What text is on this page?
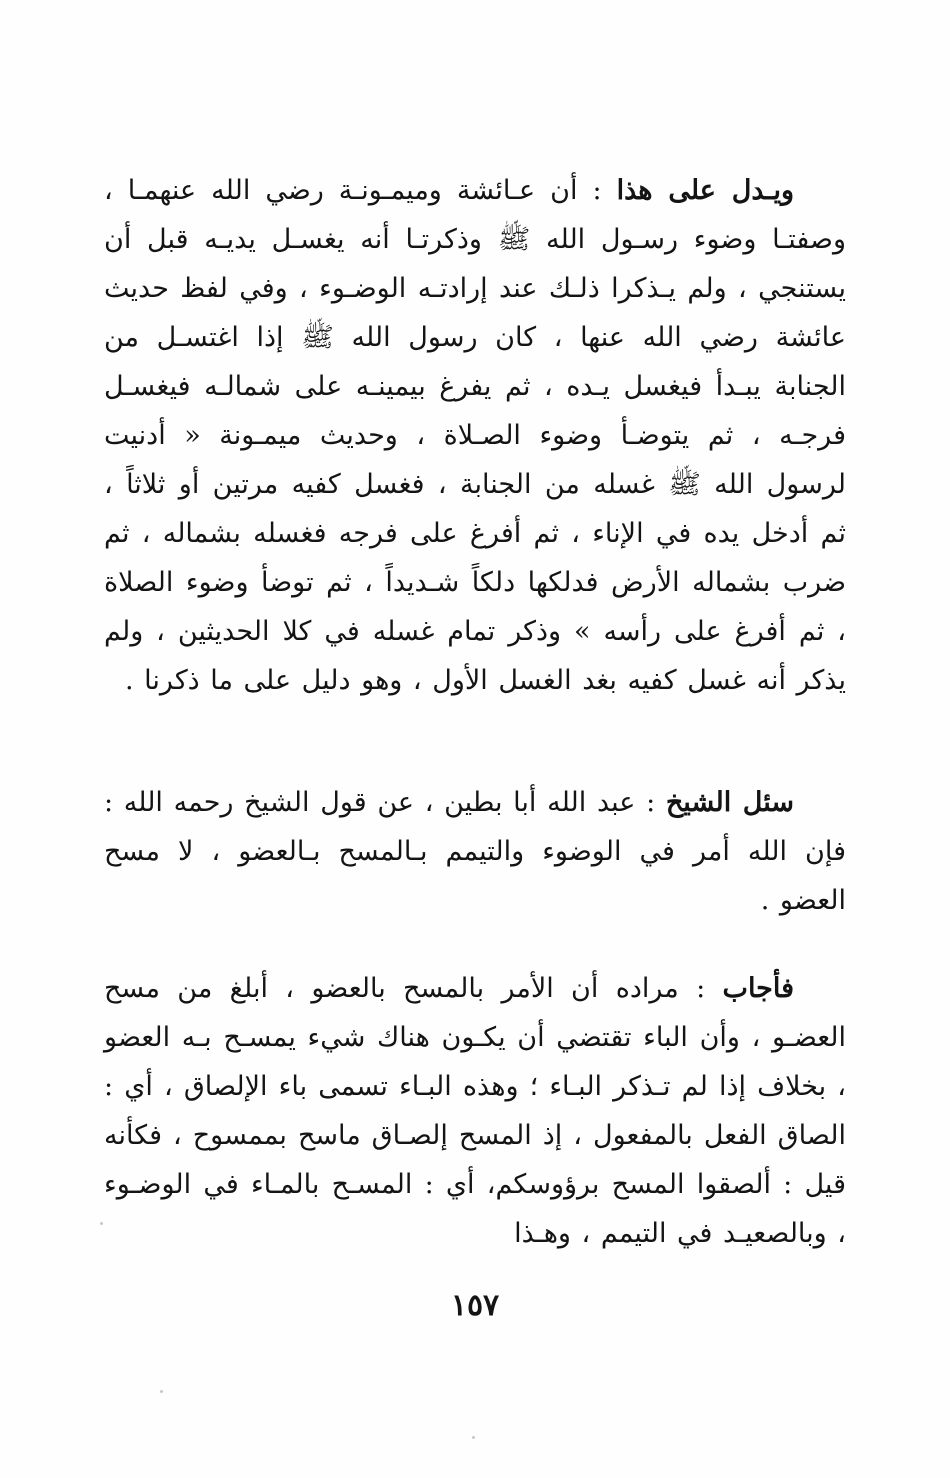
ويـدل على هذا : أن عـائشة وميمـونـة رضي الله عنهمـا ، وصفتـا وضوء رسـول الله ﷺ وذكرتـا أنه يغسـل يديـه قبل أن يستنجي ، ولم يـذكرا ذلـك عند إرادتـه الوضـوء ، وفي لفظ حديث عائشة رضي الله عنها ، كان رسول الله ﷺ إذا اغتسـل من الجنابة يبـدأ فيغسل يـده ، ثم يفرغ بيمينـه على شمالـه فيغسـل فرجـه ، ثم يتوضـأ وضوء الصـلاة ، وحديث ميمـونة « أدنيت لرسول الله ﷺ غسله من الجنابة ، فغسل كفيه مرتين أو ثلاثاً ، ثم أدخل يده في الإناء ، ثم أفرغ على فرجه فغسله بشماله ، ثم ضرب بشماله الأرض فدلكها دلكاً شـديداً ، ثم توضأ وضوء الصلاة ، ثم أفرغ على رأسه » وذكر تمام غسله في كلا الحديثين ، ولم يذكر أنه غسل كفيه بغد الغسل الأول ، وهو دليل على ما ذكرنا .

سئل الشيخ : عبد الله أبا بطين ، عن قول الشيخ رحمه الله : فإن الله أمر في الوضوء والتيمم بـالمسح بـالعضو ، لا مسح العضو .

فأجاب : مراده أن الأمر بالمسح بالعضو ، أبلغ من مسح العضـو ، وأن الباء تقتضي أن يكـون هناك شيء يمسـح بـه العضو ، بخلاف إذا لم تـذكر البـاء ؛ وهذه البـاء تسمى باء الإلصاق ، أي : الصاق الفعل بالمفعول ، إذ المسح إلصـاق ماسح بممسوح ، فكأنه قيل : ألصقوا المسح برؤوسكم، أي : المسـح بالمـاء في الوضـوء ، وبالصعيـد في التيمم ، وهـذا

١٥٧
